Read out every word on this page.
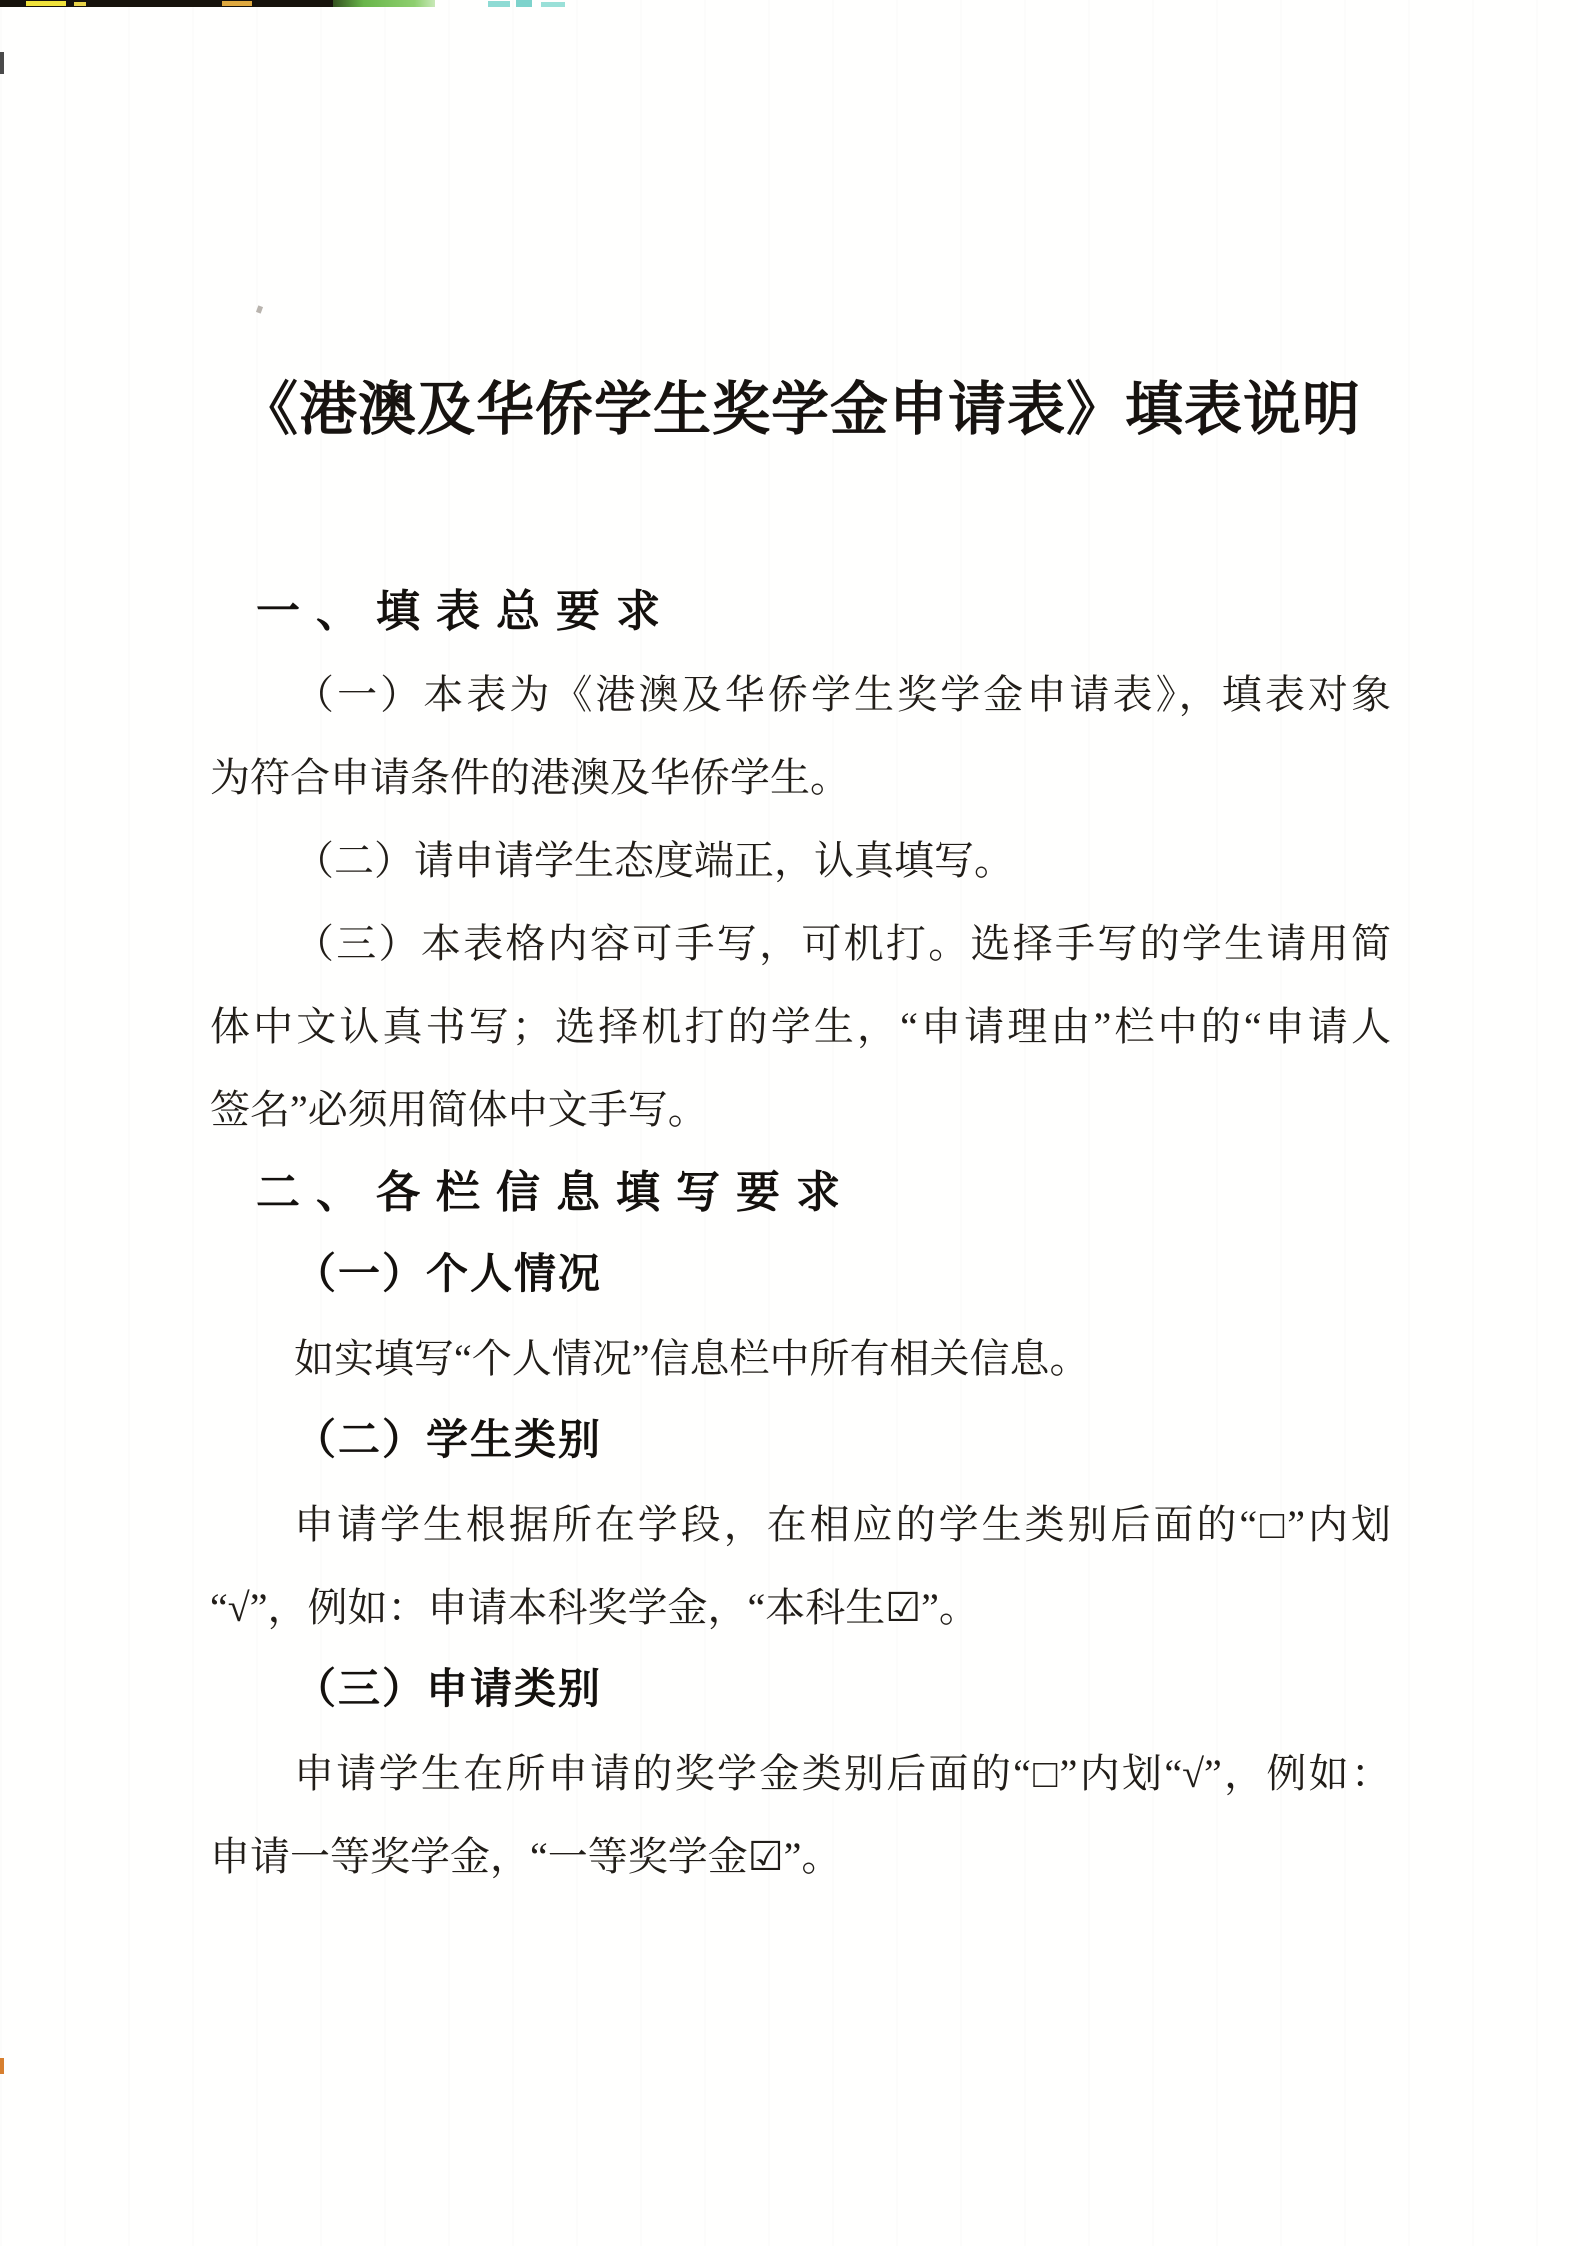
《港澳及华侨学生奖学金申请表》填表说明
一、填表总要求
（一）本表为《港澳及华侨学生奖学金申请表》，填表对象
为符合申请条件的港澳及华侨学生。
（二）请申请学生态度端正，认真填写。
（三）本表格内容可手写，可机打。选择手写的学生请用简
体中文认真书写；选择机打的学生，“申请理由”栏中的“申请人
签名”必须用简体中文手写。
二、各栏信息填写要求
（一）个人情况
如实填写“个人情况”信息栏中所有相关信息。
（二）学生类别
申请学生根据所在学段，在相应的学生类别后面的“□”内划
“√”，例如：申请本科奖学金，“本科生☑”。
（三）申请类别
申请学生在所申请的奖学金类别后面的“□”内划“√”，例如：
申请一等奖学金，“一等奖学金☑”。
